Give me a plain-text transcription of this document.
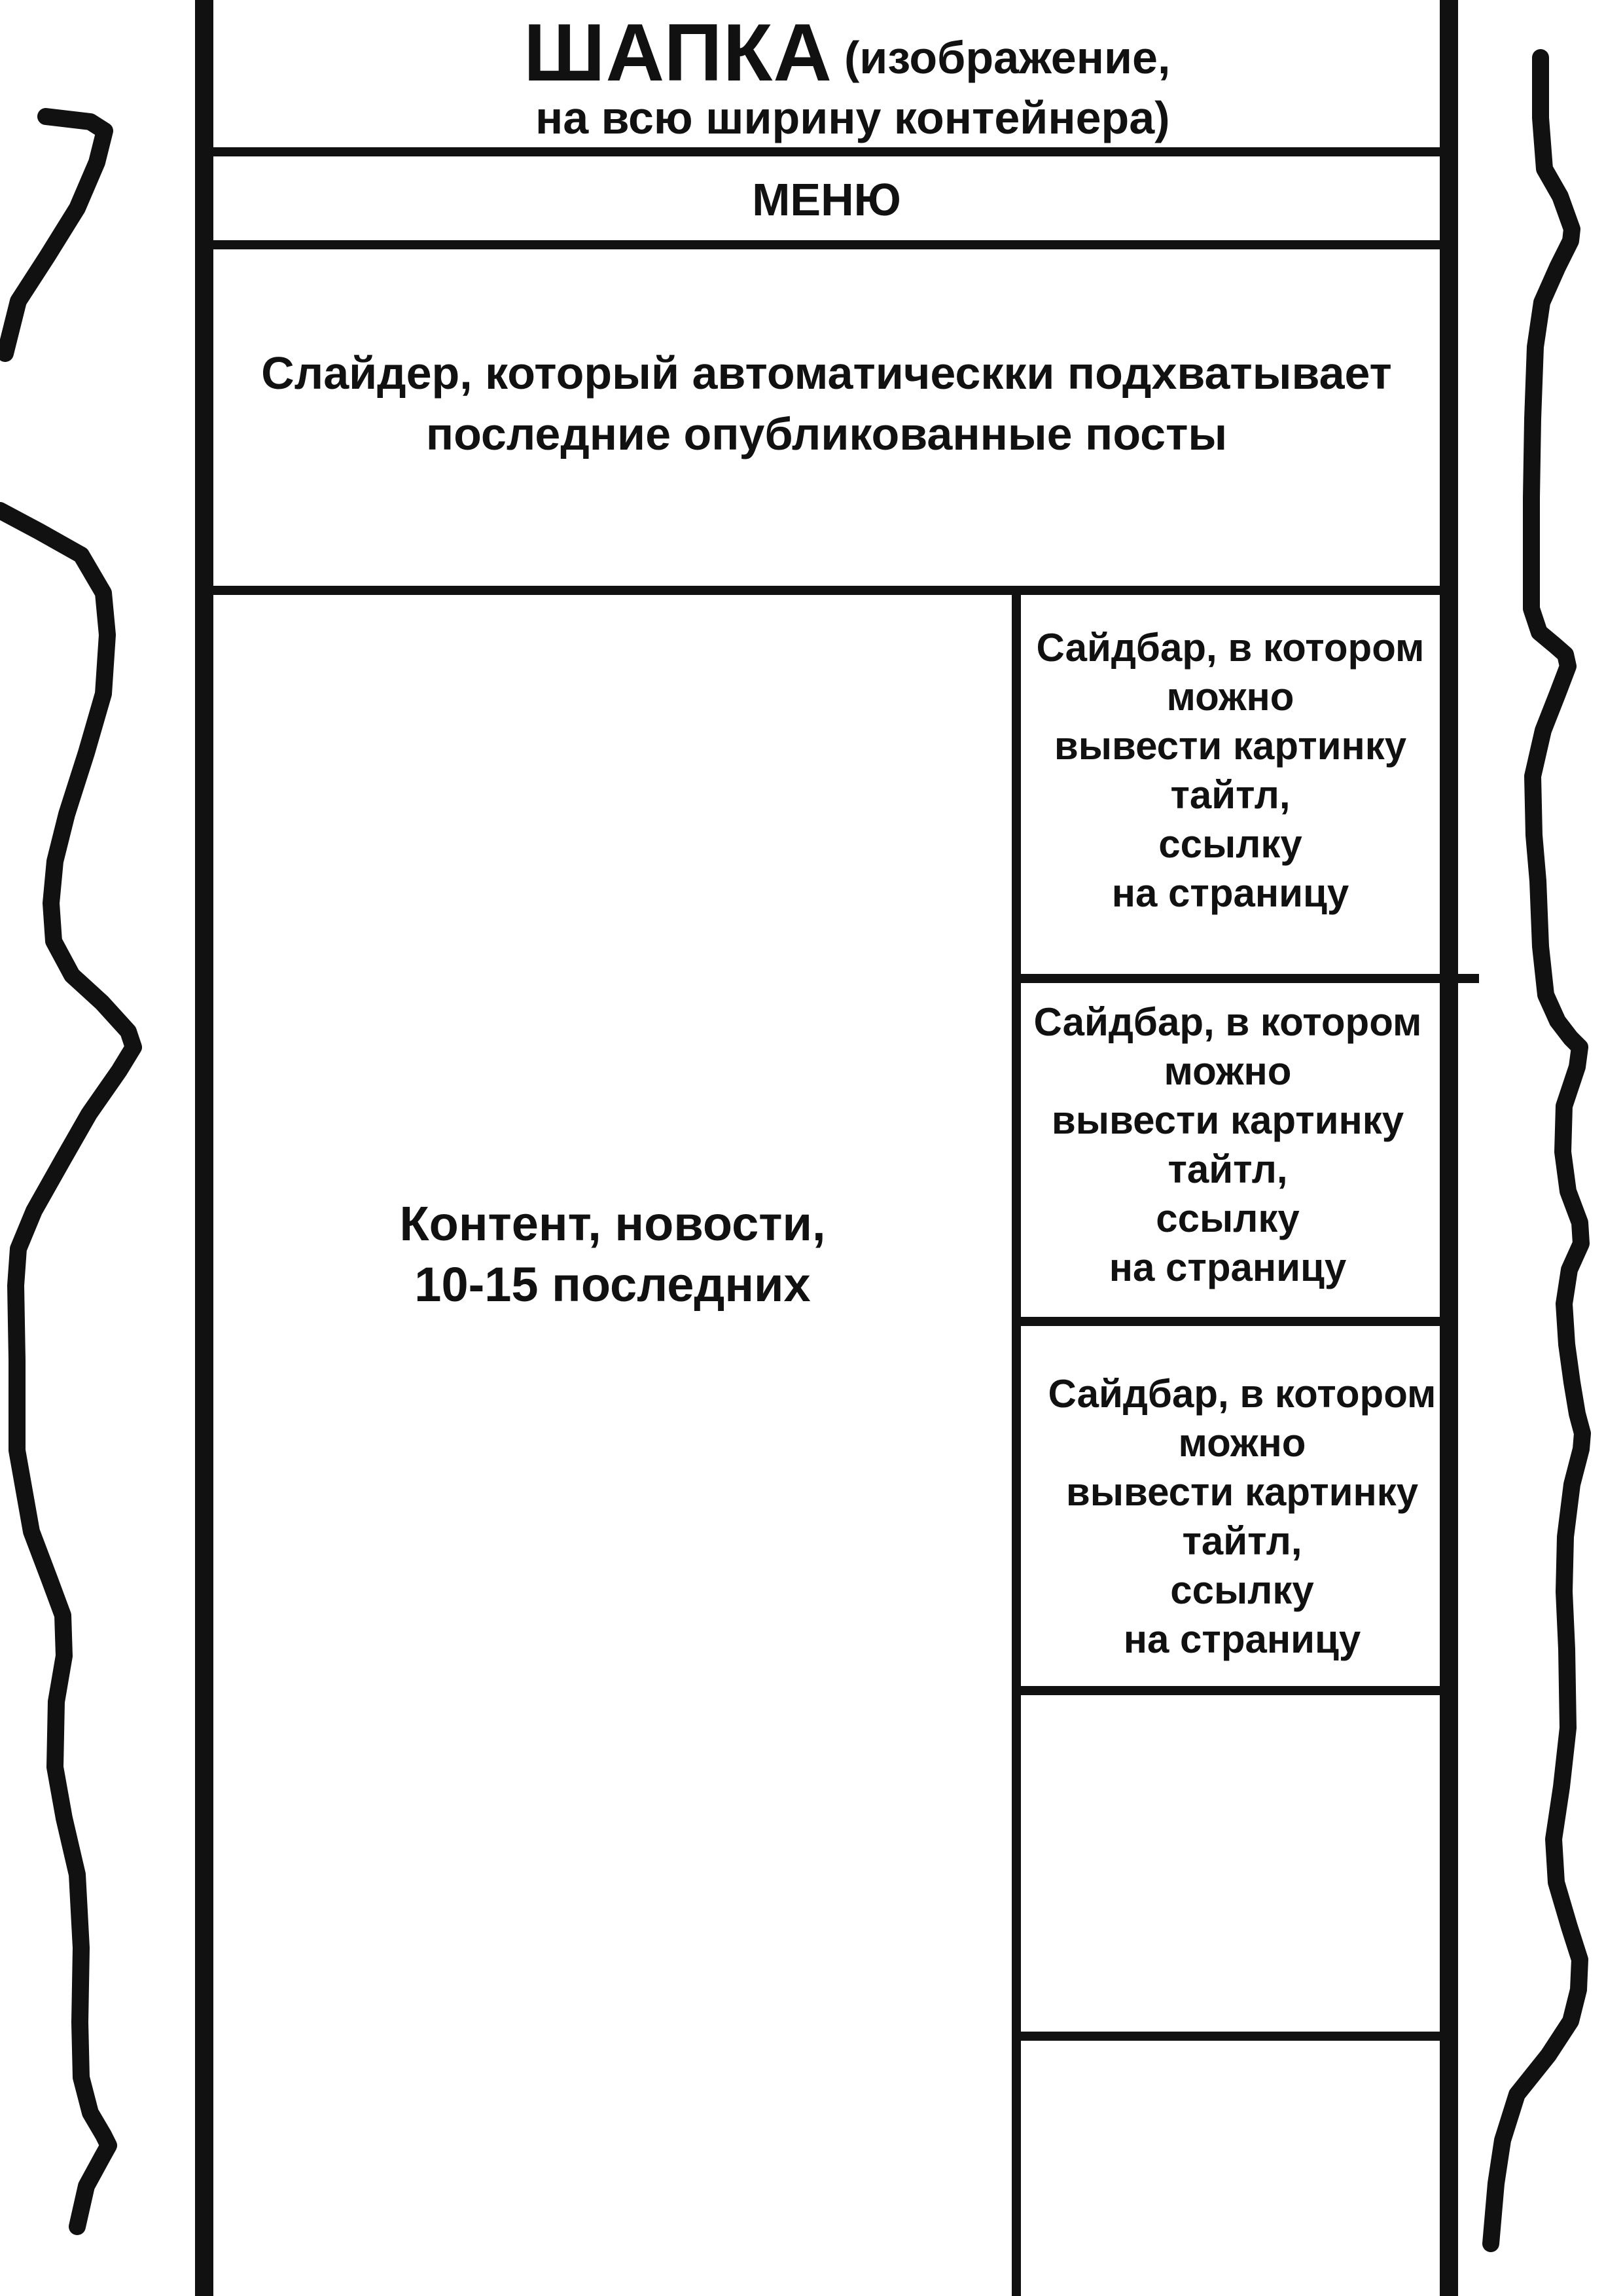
ШАПКА (изображение,
на всю ширину контейнера)
МЕНЮ
Слайдер, который автоматическки подхватывает
последние опубликованные посты
Контент, новости,
10-15 последних
Сайдбар, в котором
можно
вывести картинку
тайтл,
ссылку
на страницу
Сайдбар, в котором
можно
вывести картинку
тайтл,
ссылку
на страницу
Сайдбар, в котором
можно
вывести картинку
тайтл,
ссылку
на страницу
